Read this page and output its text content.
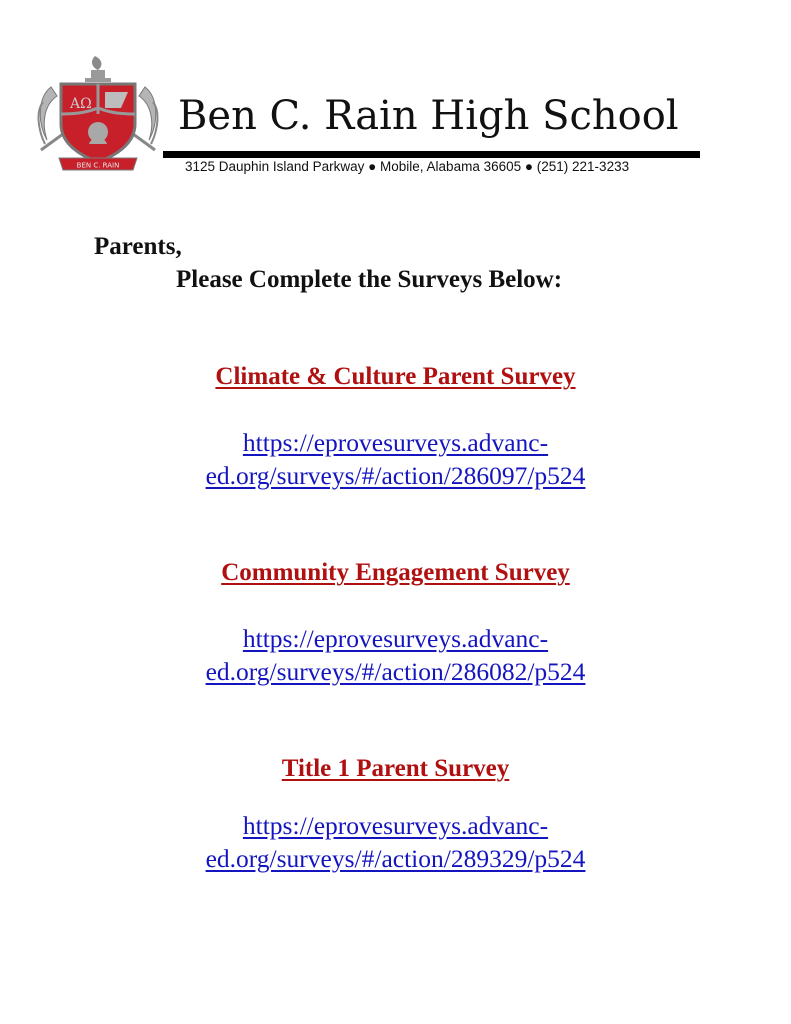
AΩ
BEN C. RAIN
Ben C. Rain High School
3125 Dauphin Island Parkway ● Mobile, Alabama 36605 ● (251) 221-3233
Parents,
Please Complete the Surveys Below:
Climate & Culture Parent Survey
https://eprovesurveys.advanc-
ed.org/surveys/#/action/286097/p524
Community Engagement Survey
https://eprovesurveys.advanc-
ed.org/surveys/#/action/286082/p524
Title 1 Parent Survey
https://eprovesurveys.advanc-
ed.org/surveys/#/action/289329/p524
